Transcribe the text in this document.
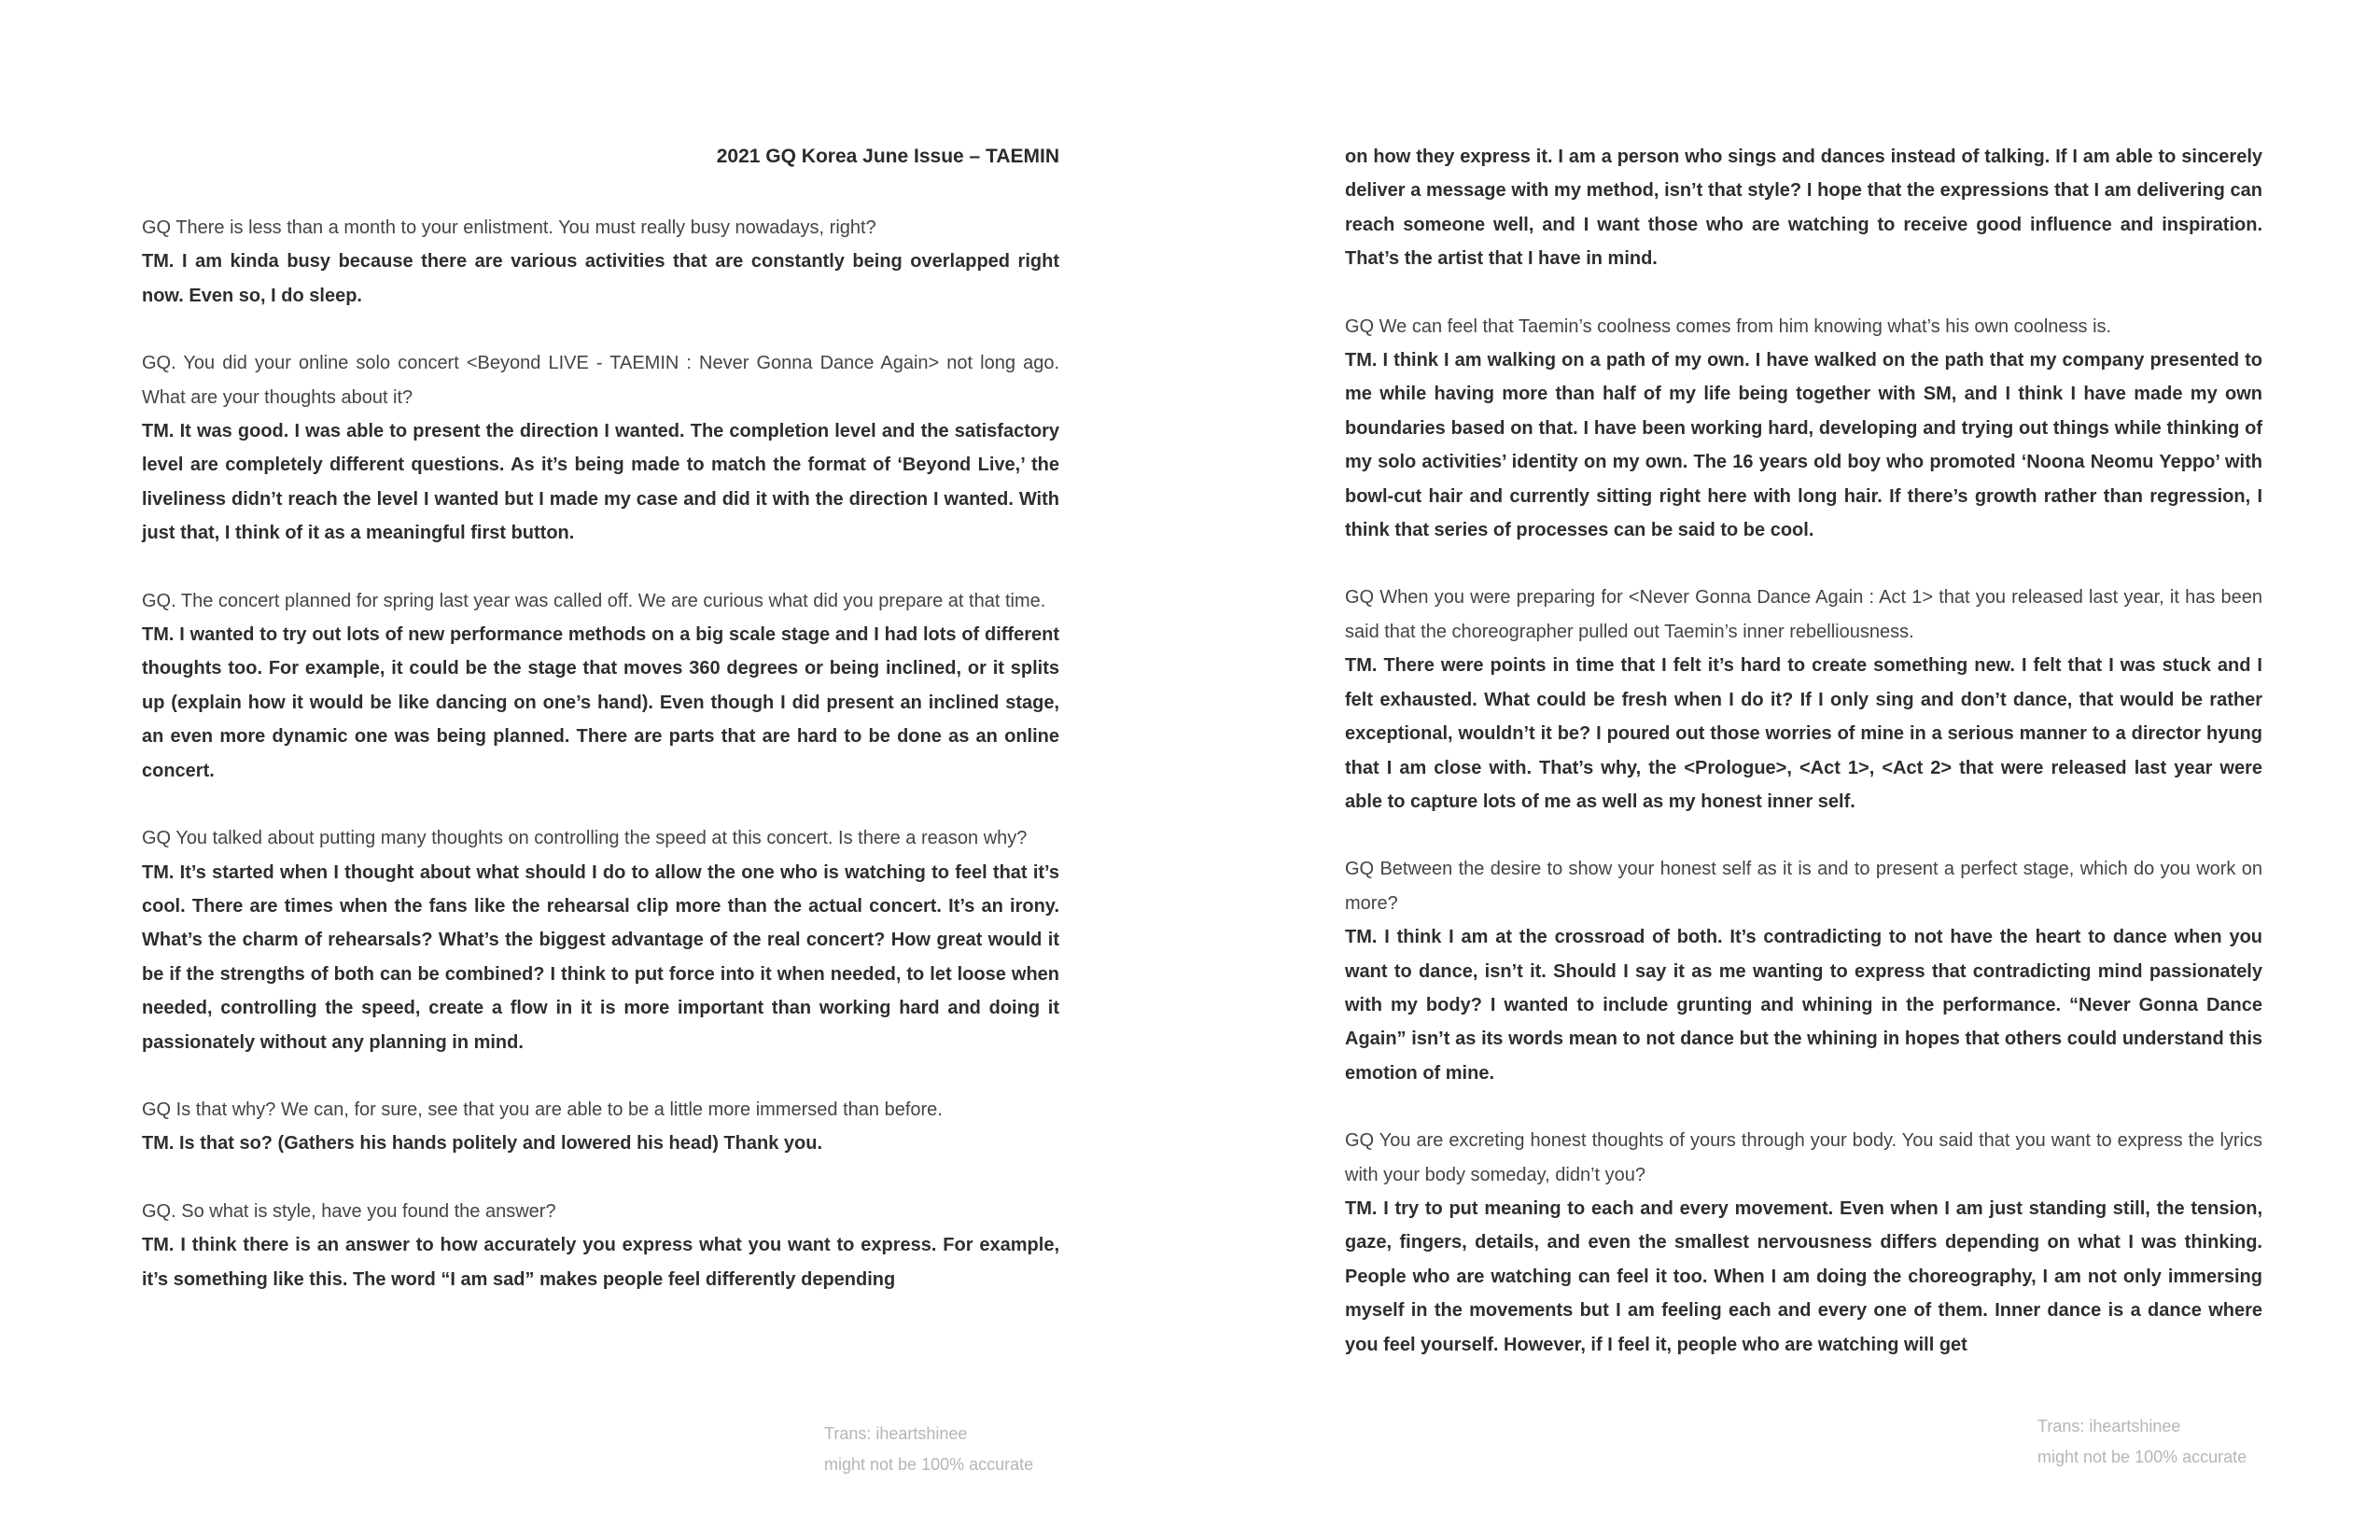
2021 GQ Korea June Issue – TAEMIN

GQ There is less than a month to your enlistment. You must really busy nowadays, right?

TM. I am kinda busy because there are various activities that are constantly being overlapped right now. Even so, I do sleep.

GQ. You did your online solo concert <Beyond LIVE - TAEMIN : Never Gonna Dance Again> not long ago. What are your thoughts about it?

TM. It was good. I was able to present the direction I wanted. The completion level and the satisfactory level are completely different questions. As it’s being made to match the format of ‘Beyond Live,’ the liveliness didn’t reach the level I wanted but I made my case and did it with the direction I wanted. With just that, I think of it as a meaningful first button.

GQ. The concert planned for spring last year was called off. We are curious what did you prepare at that time.

TM. I wanted to try out lots of new performance methods on a big scale stage and I had lots of different thoughts too. For example, it could be the stage that moves 360 degrees or being inclined, or it splits up (explain how it would be like dancing on one’s hand). Even though I did present an inclined stage, an even more dynamic one was being planned. There are parts that are hard to be done as an online concert.

GQ You talked about putting many thoughts on controlling the speed at this concert. Is there a reason why?

TM. It’s started when I thought about what should I do to allow the one who is watching to feel that it’s cool. There are times when the fans like the rehearsal clip more than the actual concert. It’s an irony. What’s the charm of rehearsals? What’s the biggest advantage of the real concert? How great would it be if the strengths of both can be combined? I think to put force into it when needed, to let loose when needed, controlling the speed, create a flow in it is more important than working hard and doing it passionately without any planning in mind.

GQ Is that why? We can, for sure, see that you are able to be a little more immersed than before.

TM. Is that so? (Gathers his hands politely and lowered his head) Thank you.

GQ. So what is style, have you found the answer?

TM. I think there is an answer to how accurately you express what you want to express. For example, it’s something like this. The word “I am sad” makes people feel differently depending

Trans: iheartshinee
might not be 100% accurate

on how they express it. I am a person who sings and dances instead of talking. If I am able to sincerely deliver a message with my method, isn’t that style? I hope that the expressions that I am delivering can reach someone well, and I want those who are watching to receive good influence and inspiration. That’s the artist that I have in mind.

GQ We can feel that Taemin’s coolness comes from him knowing what’s his own coolness is.

TM. I think I am walking on a path of my own. I have walked on the path that my company presented to me while having more than half of my life being together with SM, and I think I have made my own boundaries based on that. I have been working hard, developing and trying out things while thinking of my solo activities’ identity on my own. The 16 years old boy who promoted ‘Noona Neomu Yeppo’ with bowl-cut hair and currently sitting right here with long hair. If there’s growth rather than regression, I think that series of processes can be said to be cool.

GQ When you were preparing for <Never Gonna Dance Again : Act 1> that you released last year, it has been said that the choreographer pulled out Taemin’s inner rebelliousness.

TM. There were points in time that I felt it’s hard to create something new. I felt that I was stuck and I felt exhausted. What could be fresh when I do it? If I only sing and don’t dance, that would be rather exceptional, wouldn’t it be? I poured out those worries of mine in a serious manner to a director hyung that I am close with. That’s why, the <Prologue>, <Act 1>, <Act 2> that were released last year were able to capture lots of me as well as my honest inner self.

GQ Between the desire to show your honest self as it is and to present a perfect stage, which do you work on more?

TM. I think I am at the crossroad of both. It’s contradicting to not have the heart to dance when you want to dance, isn’t it. Should I say it as me wanting to express that contradicting mind passionately with my body? I wanted to include grunting and whining in the performance. “Never Gonna Dance Again” isn’t as its words mean to not dance but the whining in hopes that others could understand this emotion of mine.

GQ You are excreting honest thoughts of yours through your body. You said that you want to express the lyrics with your body someday, didn’t you?

TM. I try to put meaning to each and every movement. Even when I am just standing still, the tension, gaze, fingers, details, and even the smallest nervousness differs depending on what I was thinking. People who are watching can feel it too. When I am doing the choreography, I am not only immersing myself in the movements but I am feeling each and every one of them. Inner dance is a dance where you feel yourself. However, if I feel it, people who are watching will get

Trans: iheartshinee
might not be 100% accurate
